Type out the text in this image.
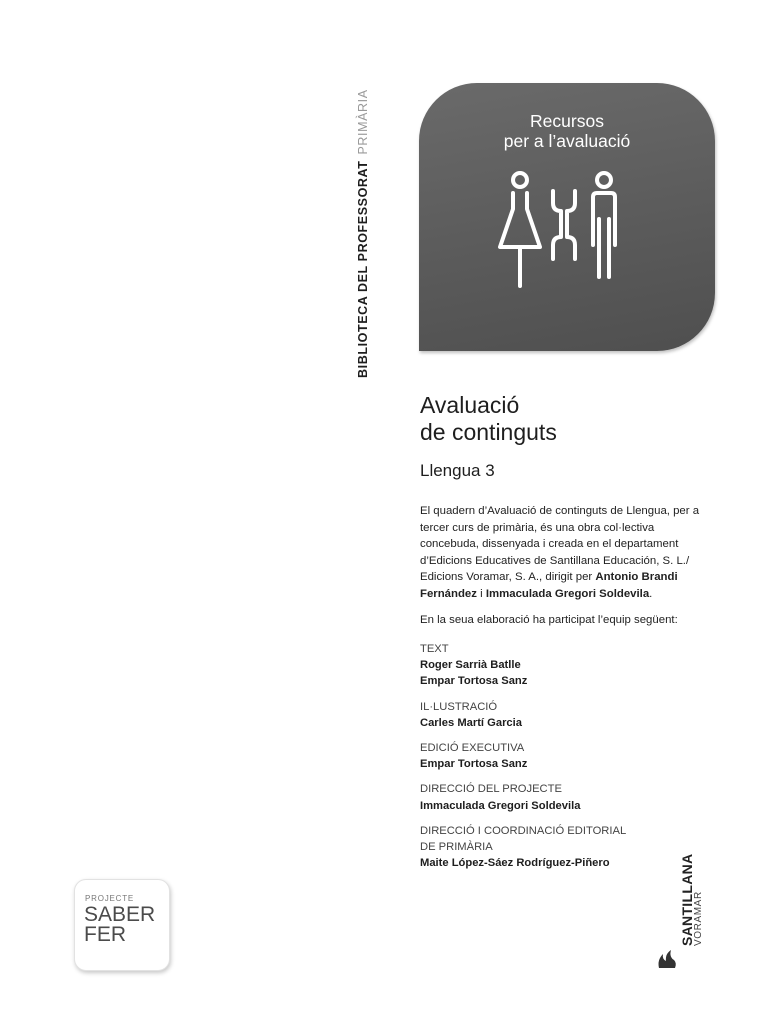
BIBLIOTECA DEL PROFESSORATPRIMÀRIA	Recursos
per a l’avaluació
Avaluació
de continguts
Llengua 3
El quadern d’Avaluació de continguts de Llengua, per a tercer curs de primària, és una obra col·lectiva concebuda, dissenyada i creada en el departament d’Edicions Educatives de Santillana Educación, S. L./ Edicions Voramar, S. A., dirigit per Antonio Brandi Fernández i Immaculada Gregori Soldevila.
En la seua elaboració ha participat l’equip següent:
TEXT
Roger Sarrià Batlle
Empar Tortosa Sanz
IL·LUSTRACIÓ
Carles Martí Garcia
EDICIÓ EXECUTIVA
Empar Tortosa Sanz
DIRECCIÓ DEL PROJECTE
Immaculada Gregori Soldevila
DIRECCIÓ I COORDINACIÓ EDITORIAL
DE PRIMÀRIA
Maite López-Sáez Rodríguez-Piñero
PROJECTE
SABER
FER	SANTILLANA
VORAMAR
